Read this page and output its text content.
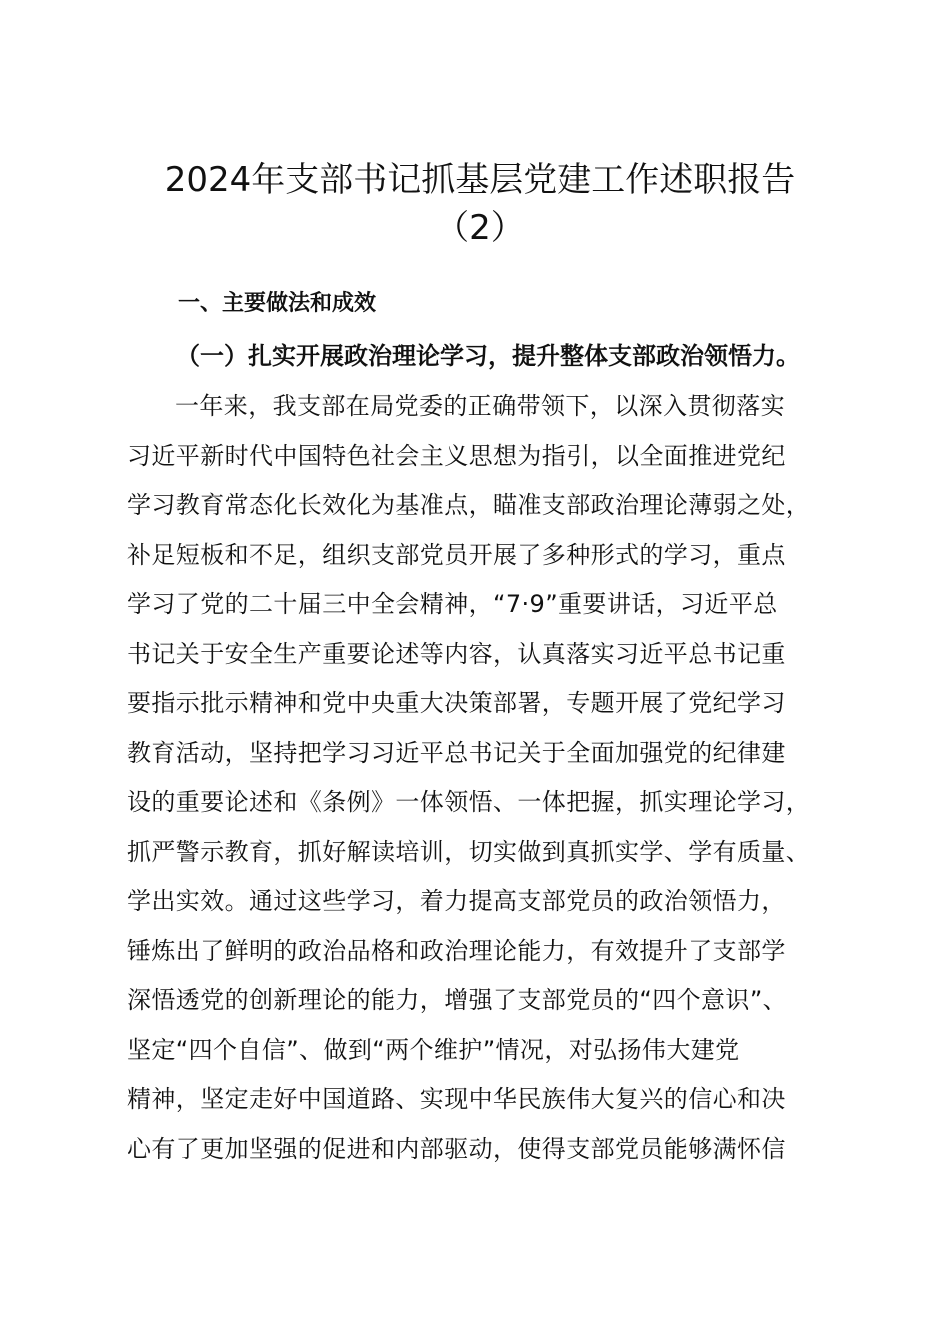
2024年支部书记抓基层党建工作述职报告
（2）
一、主要做法和成效
（一）扎实开展政治理论学习，提升整体支部政治领悟力。
一年来，我支部在局党委的正确带领下，以深入贯彻落实
习近平新时代中国特色社会主义思想为指引，以全面推进党纪
学习教育常态化长效化为基准点，瞄准支部政治理论薄弱之处，
补足短板和不足，组织支部党员开展了多种形式的学习，重点
学习了党的二十届三中全会精神，“7·9”重要讲话，习近平总
书记关于安全生产重要论述等内容，认真落实习近平总书记重
要指示批示精神和党中央重大决策部署，专题开展了党纪学习
教育活动，坚持把学习习近平总书记关于全面加强党的纪律建
设的重要论述和《条例》一体领悟、一体把握，抓实理论学习，
抓严警示教育，抓好解读培训，切实做到真抓实学、学有质量、
学出实效。通过这些学习，着力提高支部党员的政治领悟力，
锤炼出了鲜明的政治品格和政治理论能力，有效提升了支部学
深悟透党的创新理论的能力，增强了支部党员的“四个意识”、
坚定“四个自信”、做到“两个维护”情况，对弘扬伟大建党
精神，坚定走好中国道路、实现中华民族伟大复兴的信心和决
心有了更加坚强的促进和内部驱动，使得支部党员能够满怀信
